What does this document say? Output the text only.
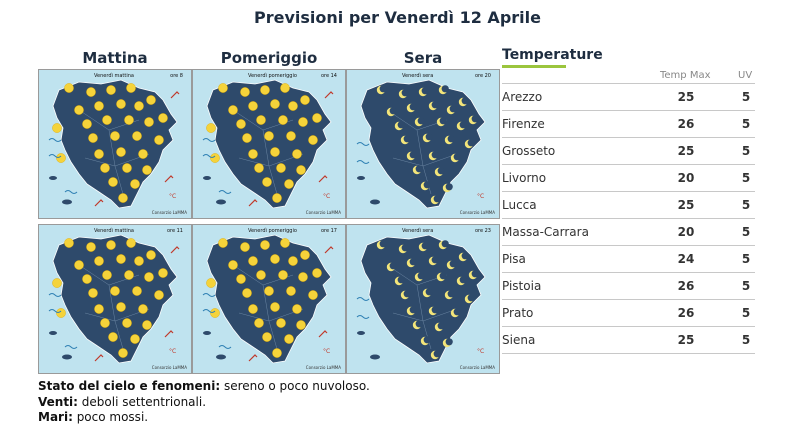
Previsioni per Venerdì 12 Aprile
Mattina	Pomeriggio	Sera
°C
Venerdì mattina	ore 8
Consorzio LaMMA
°C
Venerdì pomeriggio	ore 14
Consorzio LaMMA
°C
Venerdì sera	ore 20
Consorzio LaMMA
°C
Venerdì mattina	ore 11
Consorzio LaMMA
°C
Venerdì pomeriggio	ore 17
Consorzio LaMMA
°C
Venerdì sera	ore 23
Consorzio LaMMA
Temperature
Temp Max	UV
Arezzo	25	5
Firenze	26	5
Grosseto	25	5
Livorno	20	5
Lucca	25	5
Massa-Carrara	20	5
Pisa	24	5
Pistoia	26	5
Prato	26	5
Siena	25	5
Stato del cielo e fenomeni: sereno o poco nuvoloso.
Venti: deboli settentrionali.
Mari: poco mossi.
